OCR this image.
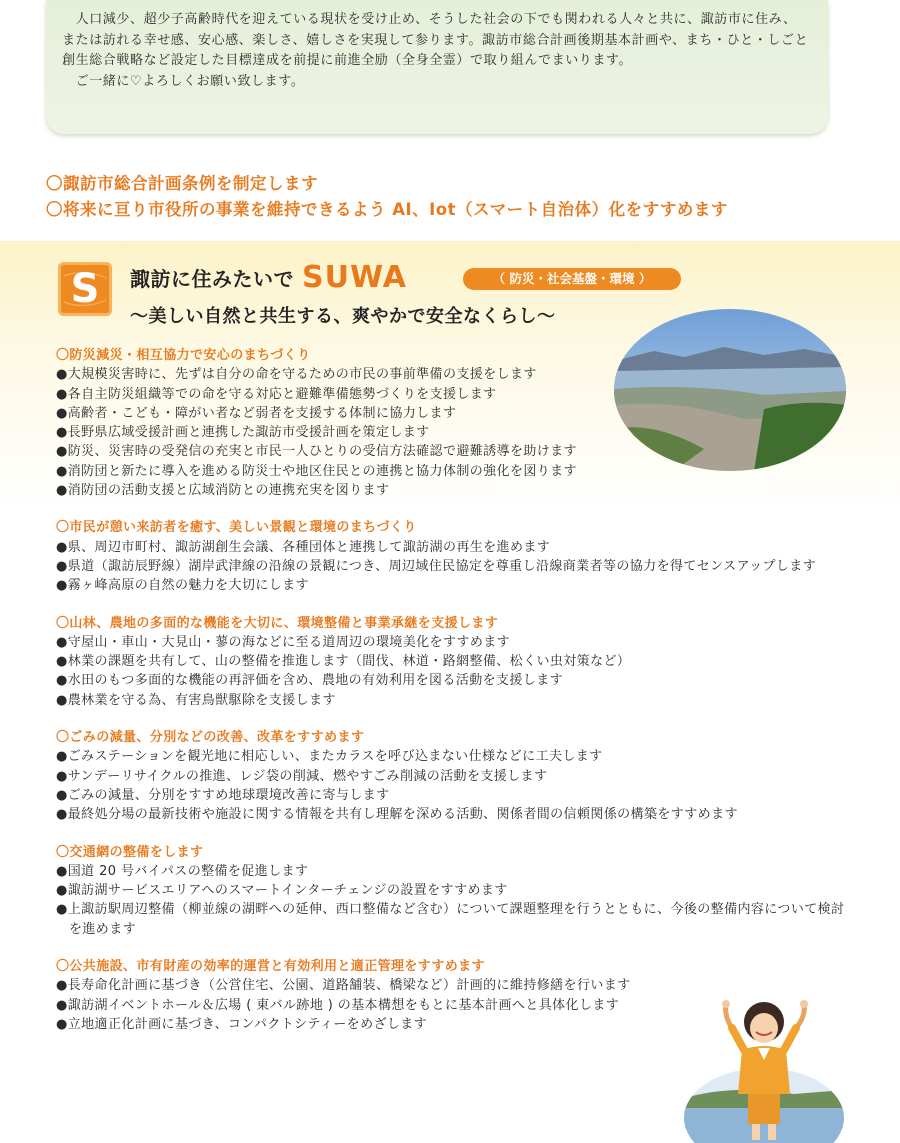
　人口減少、超少子高齢時代を迎えている現状を受け止め、そうした社会の下でも関われる人々と共に、諏訪市に住み、または訪れる幸せ感、安心感、楽しさ、嬉しさを実現して参ります。諏訪市総合計画後期基本計画や、まち・ひと・しごと創生総合戦略など設定した目標達成を前提に前進全励（全身全霊）で取り組んでまいります。

　ご一緒に♡よろしくお願い致します。

〇諏訪市総合計画条例を制定します
〇将来に亘り市役所の事業を維持できるよう AI、Iot（スマート自治体）化をすすめます
S	諏訪に住みたいで SUWA	（ 防災・社会基盤・環境 ）
～美しい自然と共生する、爽やかで安全なくらし～
〇防災減災・相互協力で安心のまちづくり
●大規模災害時に、先ずは自分の命を守るための市民の事前準備の支援をします
●各自主防災組織等での命を守る対応と避難準備態勢づくりを支援します
●高齢者・こども・障がい者など弱者を支援する体制に協力します
●長野県広域受援計画と連携した諏訪市受援計画を策定します
●防災、災害時の受発信の充実と市民一人ひとりの受信方法確認で避難誘導を助けます
●消防団と新たに導入を進める防災士や地区住民との連携と協力体制の強化を図ります
●消防団の活動支援と広域消防との連携充実を図ります
〇市民が憩い来訪者を癒す、美しい景観と環境のまちづくり
●県、周辺市町村、諏訪湖創生会議、各種団体と連携して諏訪湖の再生を進めます
●県道（諏訪辰野線）湖岸武津線の沿線の景観につき、周辺域住民協定を尊重し沿線商業者等の協力を得てセンスアップします
●霧ヶ峰高原の自然の魅力を大切にします
〇山林、農地の多面的な機能を大切に、環境整備と事業承継を支援します
●守屋山・車山・大見山・蓼の海などに至る道周辺の環境美化をすすめます
●林業の課題を共有して、山の整備を推進します（間伐、林道・路網整備、松くい虫対策など）
●水田のもつ多面的な機能の再評価を含め、農地の有効利用を図る活動を支援します
●農林業を守る為、有害鳥獣駆除を支援します
〇ごみの減量、分別などの改善、改革をすすめます
●ごみステーションを観光地に相応しい、またカラスを呼び込まない仕様などに工夫します
●サンデーリサイクルの推進、レジ袋の削減、燃やすごみ削減の活動を支援します
●ごみの減量、分別をすすめ地球環境改善に寄与します
●最終処分場の最新技術や施設に関する情報を共有し理解を深める活動、関係者間の信頼関係の構築をすすめます
〇交通網の整備をします
●国道 20 号バイパスの整備を促進します
●諏訪湖サービスエリアへのスマートインターチェンジの設置をすすめます
●上諏訪駅周辺整備（柳並線の湖畔への延伸、西口整備など含む）について課題整理を行うとともに、今後の整備内容について検討を進めます
〇公共施設、市有財産の効率的運営と有効利用と適正管理をすすめます
●長寿命化計画に基づき（公営住宅、公園、道路舗装、橋梁など）計画的に維持修繕を行います
●諏訪湖イベントホール＆広場 ( 東バル跡地 ) の基本構想をもとに基本計画へと具体化します
●立地適正化計画に基づき、コンパクトシティーをめざします
